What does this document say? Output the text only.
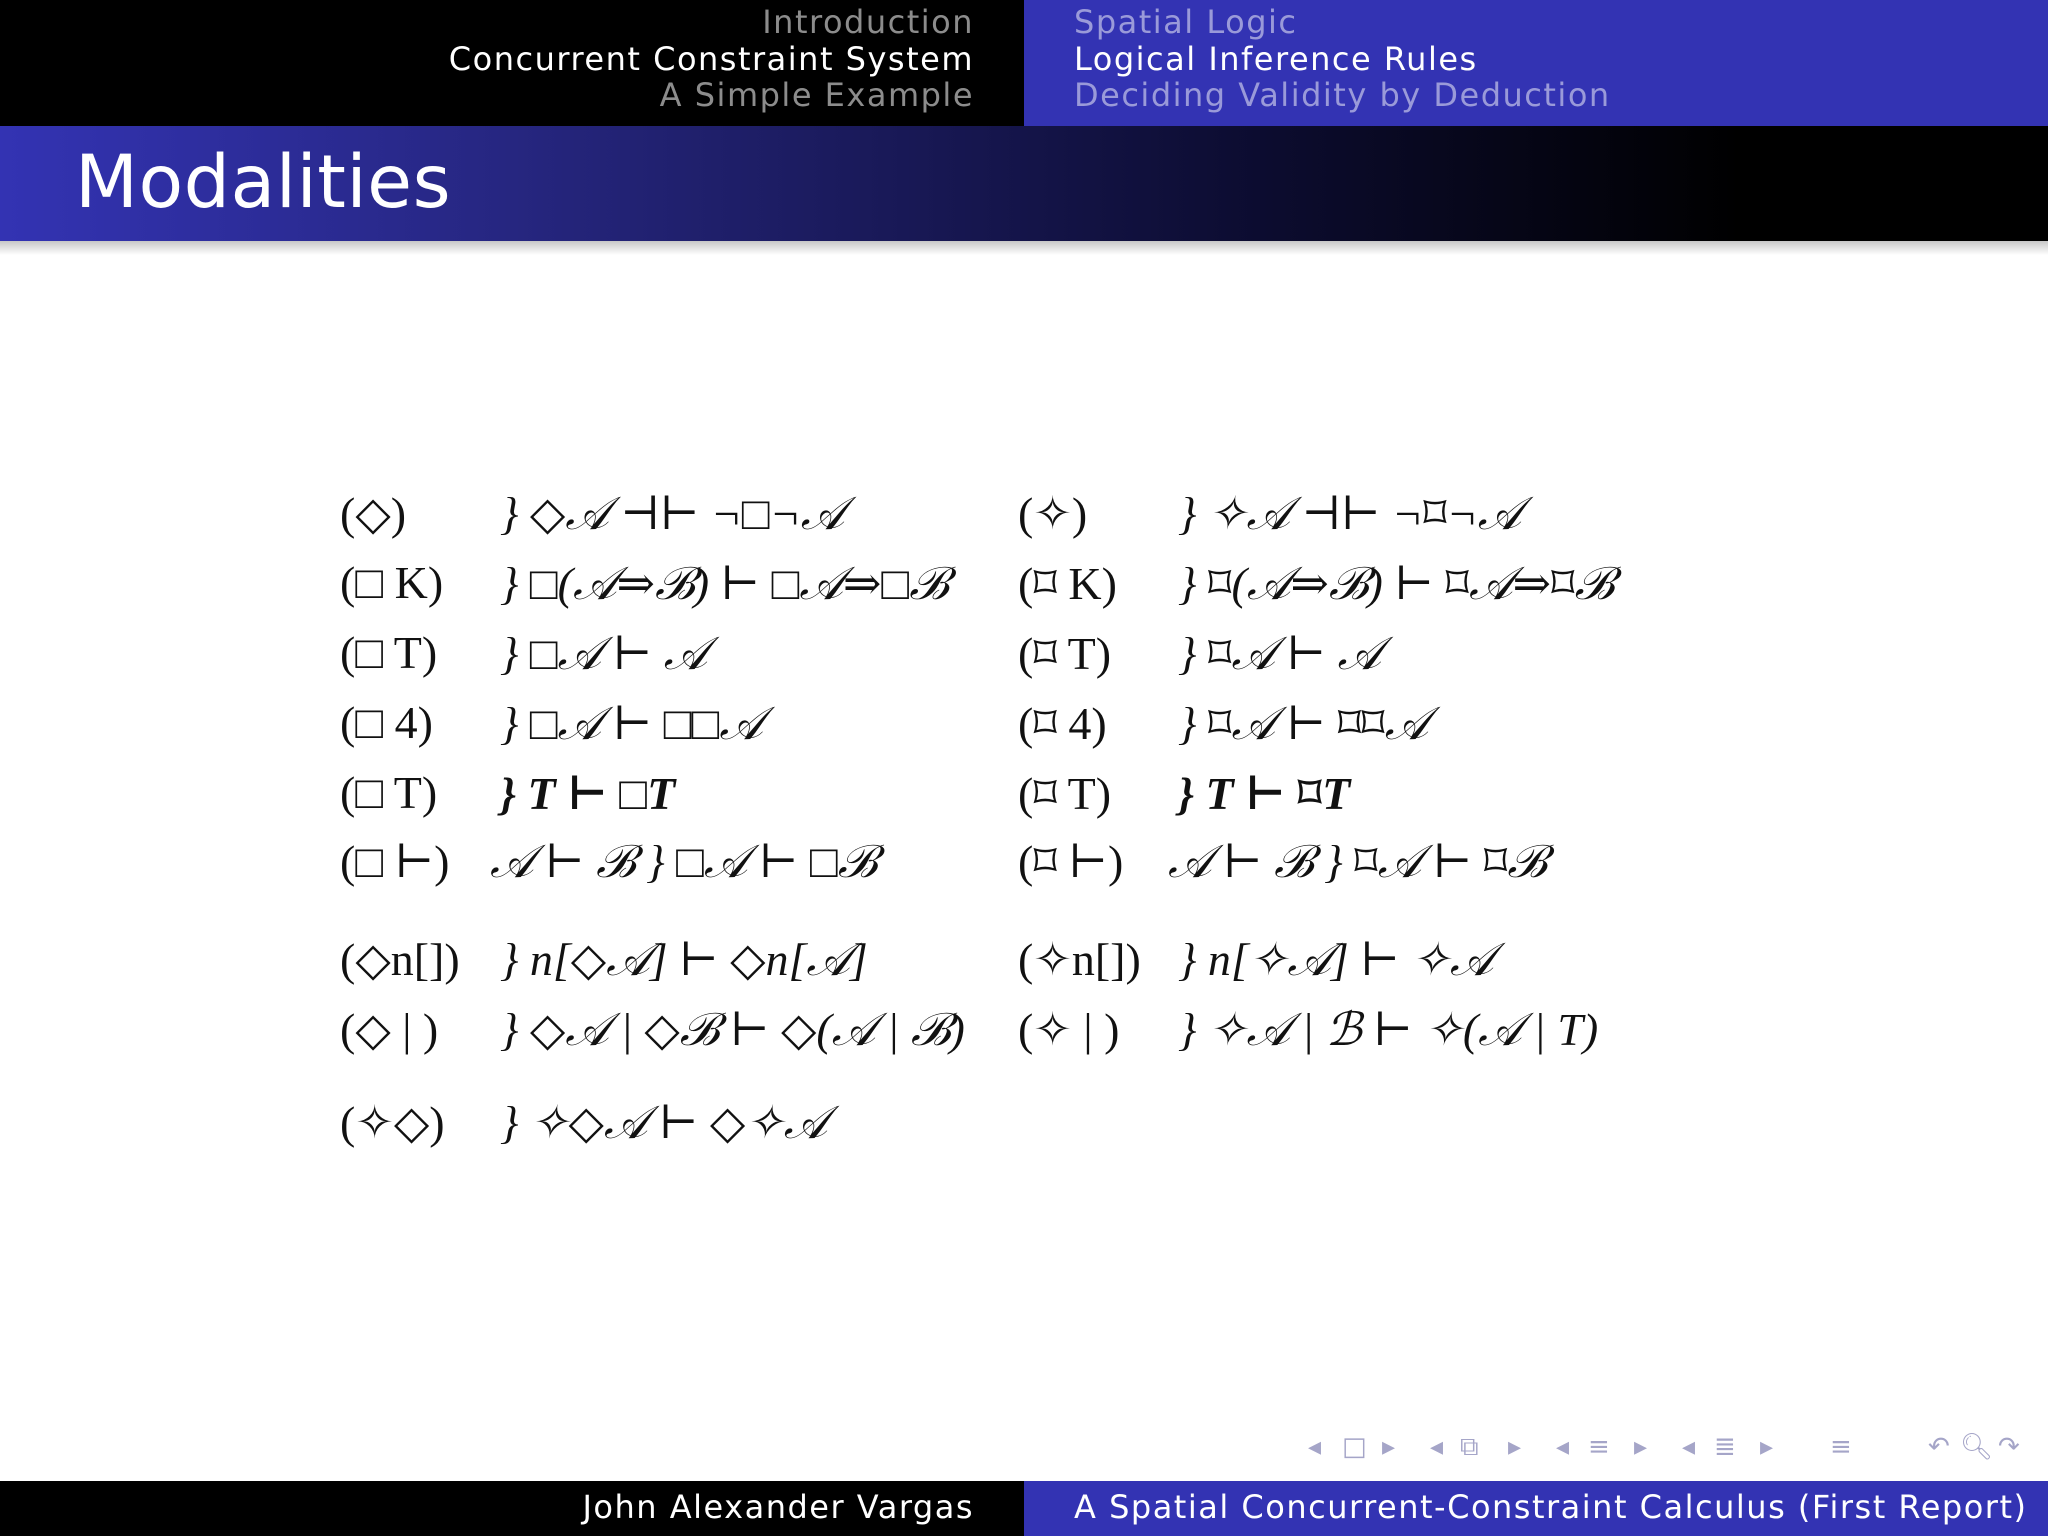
Introduction
Concurrent Constraint System
A Simple Example
Spatial Logic
Logical Inference Rules
Deciding Validity by Deduction
Modalities
(◇) } ◇𝒜 ⊣⊢ ¬□¬𝒜	(✧) } ✧𝒜 ⊣⊢ ¬⌑¬𝒜
(□ K) } □(𝒜⇒ℬ) ⊢ □𝒜⇒□ℬ (⌑ K) } ⌑(𝒜⇒ℬ) ⊢ ⌑𝒜⇒⌑ℬ
(□ T) } □𝒜 ⊢ 𝒜	(⌑ T) } ⌑𝒜 ⊢ 𝒜
(□ 4) } □𝒜 ⊢ □□𝒜	(⌑ 4) } ⌑𝒜 ⊢ ⌑⌑𝒜
(□ T) } T ⊢ □T	(⌑ T) } T ⊢ ⌑T
(□ ⊢) 𝒜 ⊢ ℬ } □𝒜 ⊢ □ℬ	(⌑ ⊢) 𝒜 ⊢ ℬ } ⌑𝒜 ⊢ ⌑ℬ
(◇n[]) } n[◇𝒜] ⊢ ◇n[𝒜]	(✧n[]) } n[✧𝒜] ⊢ ✧𝒜
(◇ | ) } ◇𝒜 | ◇ℬ ⊢ ◇(𝒜 | ℬ) (✧ | ) } ✧𝒜 | ℬ ⊢ ✧(𝒜 | T)
(✧◇) } ✧◇𝒜 ⊢ ◇✧𝒜
◂ □ ▸ ◂ ⧉ ▸ ◂ ≡ ▸ ◂ ≣ ▸ ≡	↶ 🔍︎ ↷
John Alexander Vargas	A Spatial Concurrent-Constraint Calculus (First Report)
